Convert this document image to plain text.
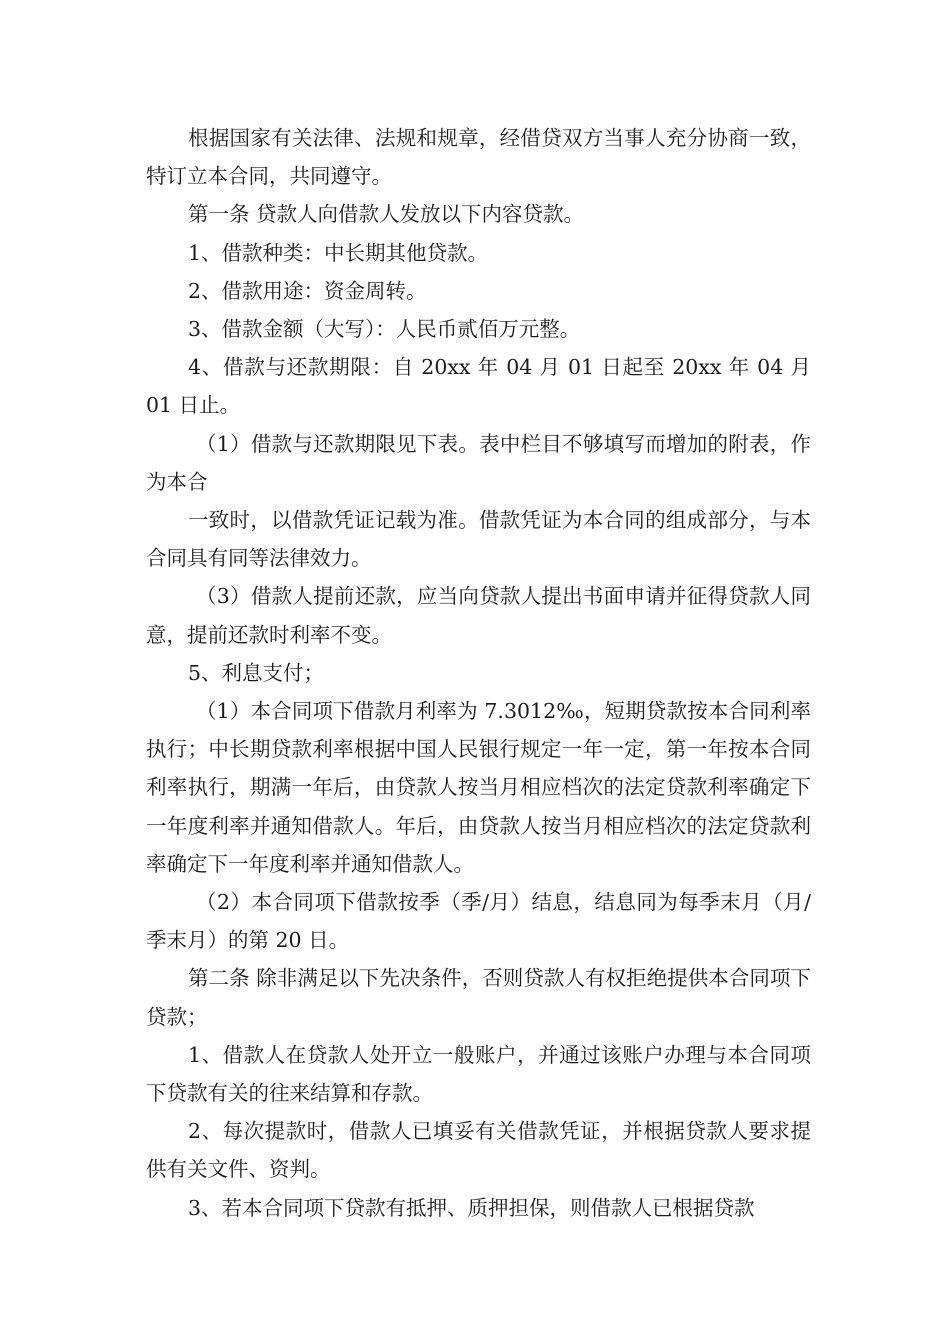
根据国家有关法律、法规和规章，经借贷双方当事人充分协商一致，特订立本合同，共同遵守。

第一条 贷款人向借款人发放以下内容贷款。

1、借款种类：中长期其他贷款。

2、借款用途：资金周转。

3、借款金额（大写）：人民币贰佰万元整。

4、借款与还款期限：自 20xx 年 04 月 01 日起至 20xx 年 04 月 01 日止。

（1）借款与还款期限见下表。表中栏目不够填写而增加的附表，作为本合

一致时，以借款凭证记载为准。借款凭证为本合同的组成部分，与本合同具有同等法律效力。

（3）借款人提前还款，应当向贷款人提出书面申请并征得贷款人同意，提前还款时利率不变。

5、利息支付；

（1）本合同项下借款月利率为 7.3012‰，短期贷款按本合同利率执行；中长期贷款利率根据中国人民银行规定一年一定，第一年按本合同利率执行，期满一年后，由贷款人按当月相应档次的法定贷款利率确定下一年度利率并通知借款人。年后，由贷款人按当月相应档次的法定贷款利率确定下一年度利率并通知借款人。

（2）本合同项下借款按季（季/月）结息，结息同为每季末月（月/季末月）的第 20 日。

第二条 除非满足以下先决条件，否则贷款人有权拒绝提供本合同项下贷款；

1、借款人在贷款人处开立一般账户，并通过该账户办理与本合同项下贷款有关的往来结算和存款。

2、每次提款时，借款人已填妥有关借款凭证，并根据贷款人要求提供有关文件、资判。

3、若本合同项下贷款有抵押、质押担保，则借款人已根据贷款
